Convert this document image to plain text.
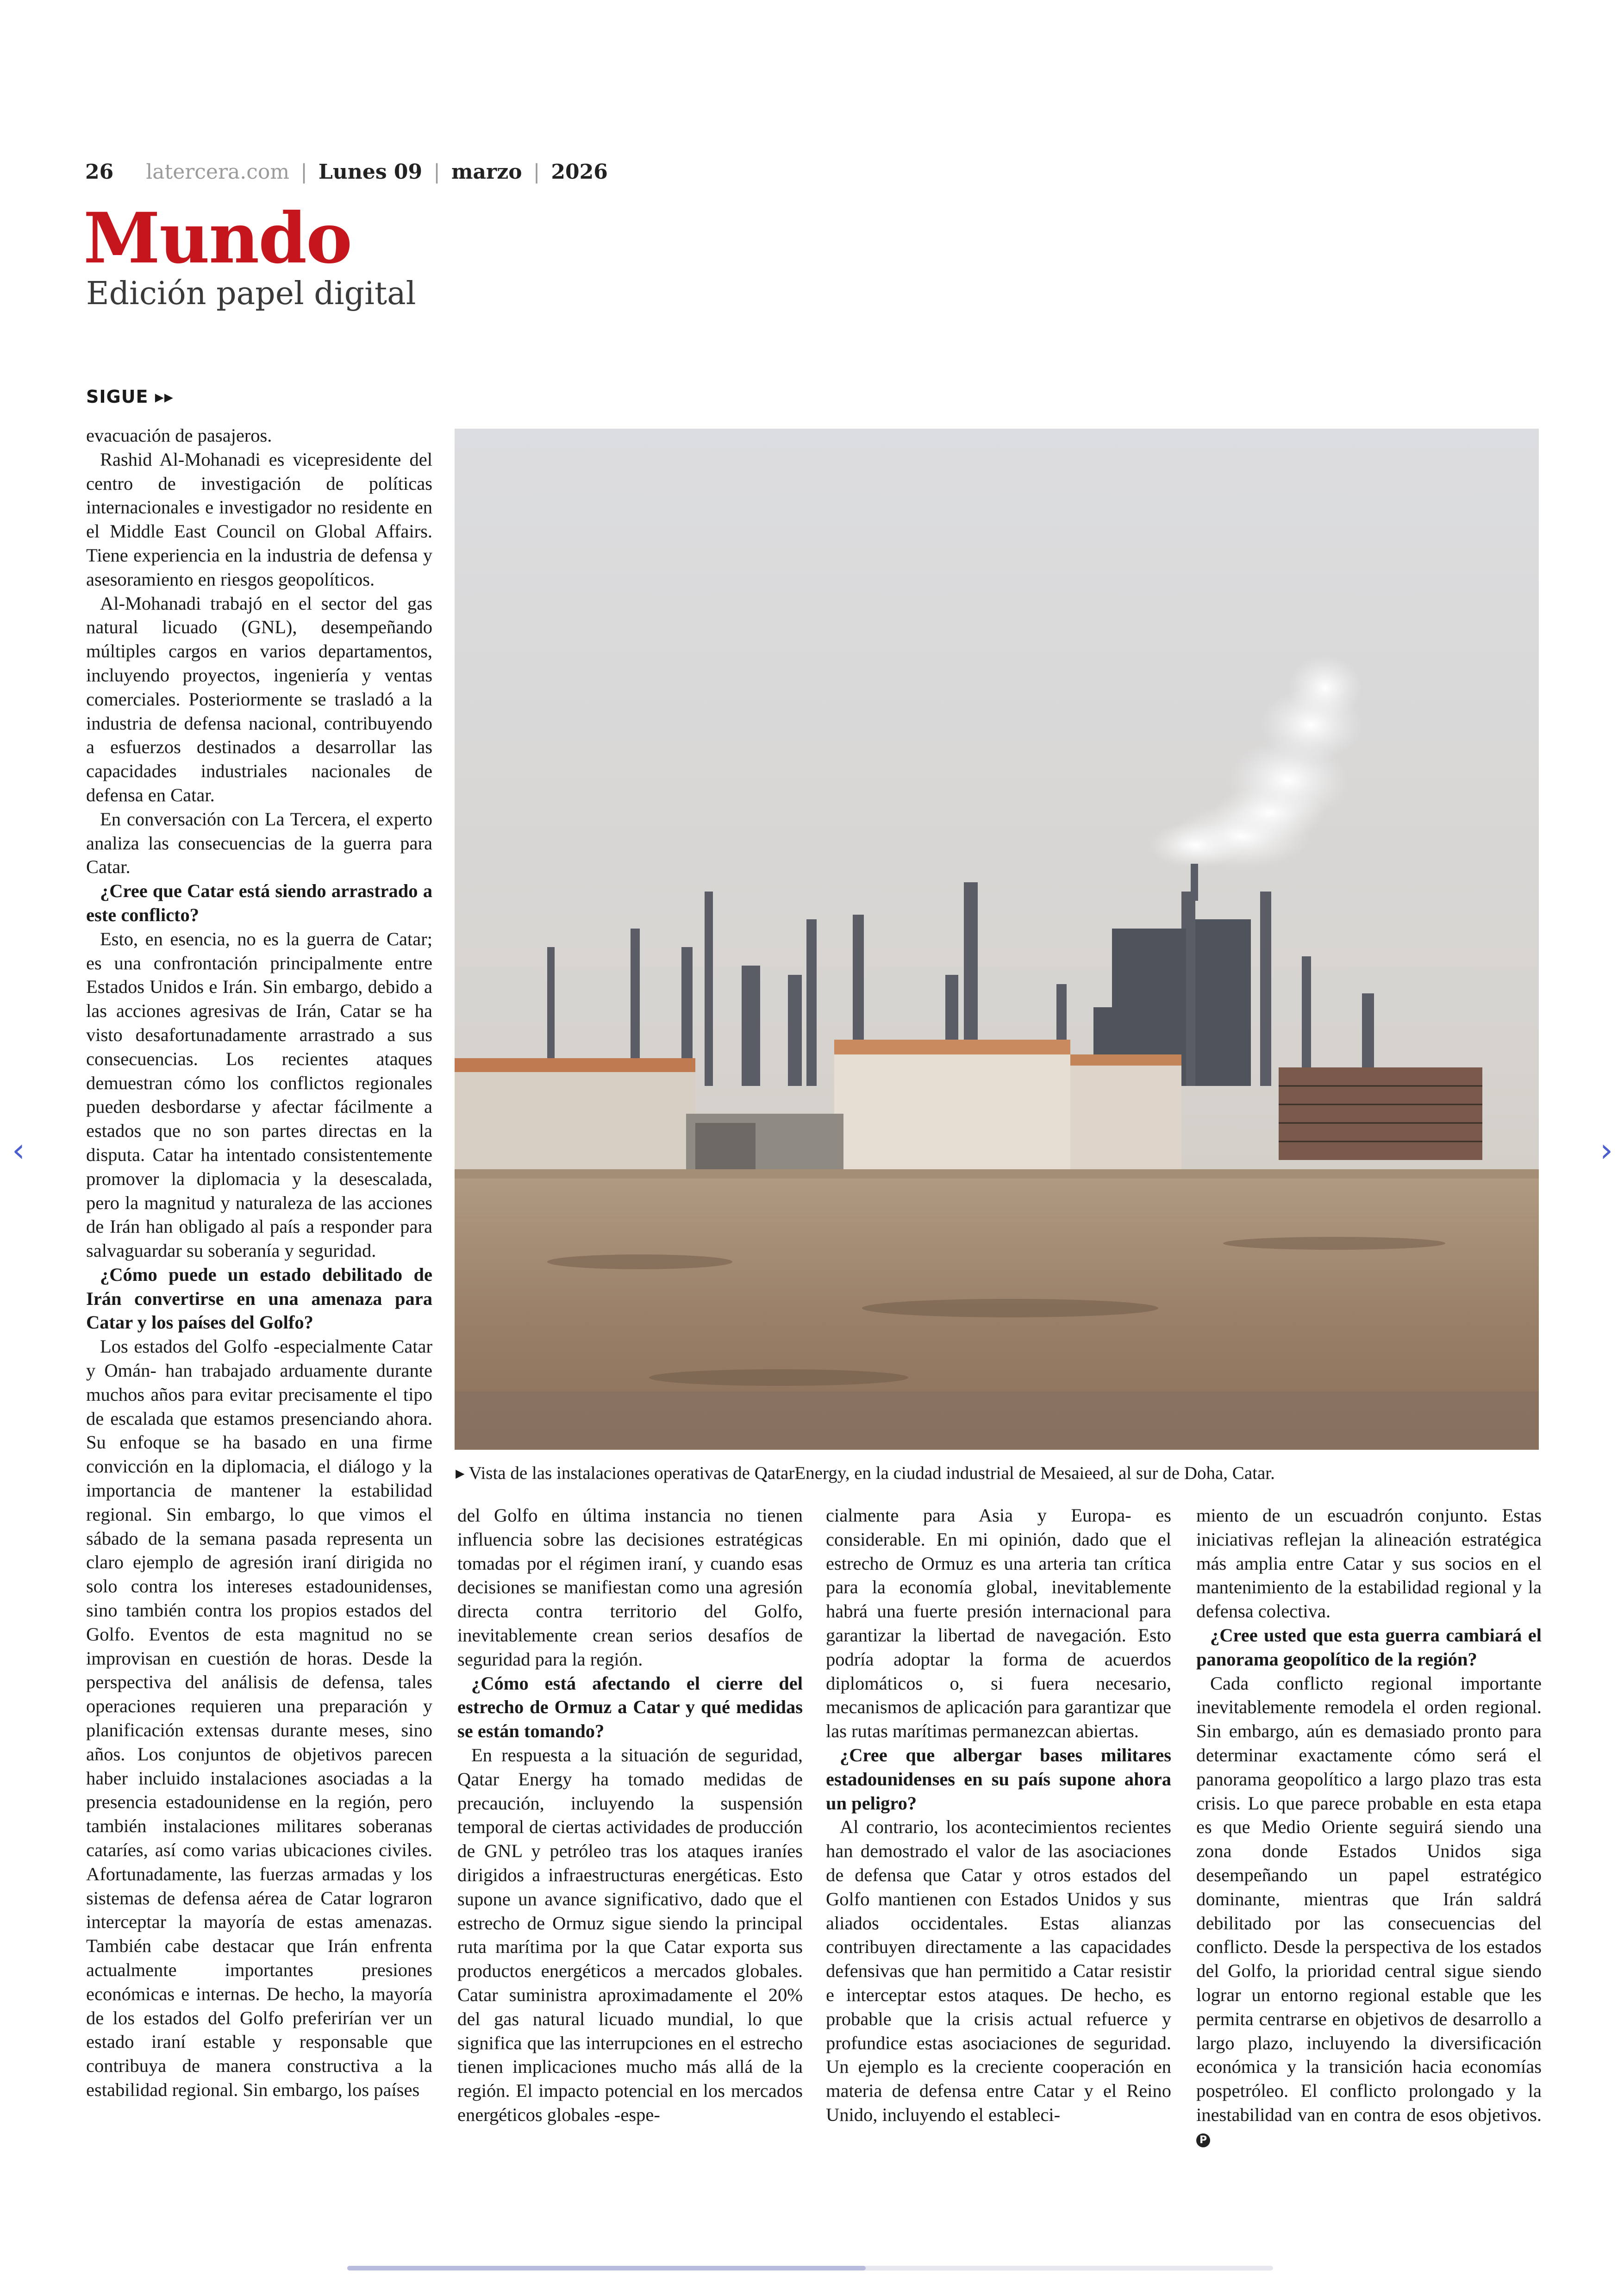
26 latercera.com | Lunes 09 | marzo | 2026
Mundo
Edición papel digital
SIGUE ▸▸

evacuación de pasajeros.

Rashid Al-Mohanadi es vicepresidente del centro de investigación de políticas internacionales e investigador no residente en el Middle East Council on Global Affairs. Tiene experiencia en la industria de defensa y asesoramiento en riesgos geopolíticos.

Al-Mohanadi trabajó en el sector del gas natural licuado (GNL), desempeñando múltiples cargos en varios departamentos, incluyendo proyectos, ingeniería y ventas comerciales. Posteriormente se trasladó a la industria de defensa nacional, contribuyendo a esfuerzos destinados a desarrollar las capacidades industriales nacionales de defensa en Catar.

En conversación con La Tercera, el experto analiza las consecuencias de la guerra para Catar.

¿Cree que Catar está siendo arrastrado a este conflicto?

Esto, en esencia, no es la guerra de Catar; es una confrontación principalmente entre Estados Unidos e Irán. Sin embargo, debido a las acciones agresivas de Irán, Catar se ha visto desafortunadamente arrastrado a sus consecuencias. Los recientes ataques demuestran cómo los conflictos regionales pueden desbordarse y afectar fácilmente a estados que no son partes directas en la disputa. Catar ha intentado consistentemente promover la diplomacia y la desescalada, pero la magnitud y naturaleza de las acciones de Irán han obligado al país a responder para salvaguardar su soberanía y seguridad.

¿Cómo puede un estado debilitado de Irán convertirse en una amenaza para Catar y los países del Golfo?

Los estados del Golfo -especialmente Catar y Omán- han trabajado arduamente durante muchos años para evitar precisamente el tipo de escalada que estamos presenciando ahora. Su enfoque se ha basado en una firme convicción en la diplomacia, el diálogo y la importancia de mantener la estabilidad regional. Sin embargo, lo que vimos el sábado de la semana pasada representa un claro ejemplo de agresión iraní dirigida no solo contra los intereses estadounidenses, sino también contra los propios estados del Golfo. Eventos de esta magnitud no se improvisan en cuestión de horas. Desde la perspectiva del análisis de defensa, tales operaciones requieren una preparación y planificación extensas durante meses, sino años. Los conjuntos de objetivos parecen haber incluido instalaciones asociadas a la presencia estadounidense en la región, pero también instalaciones militares soberanas cataríes, así como varias ubicaciones civiles. Afortunadamente, las fuerzas armadas y los sistemas de defensa aérea de Catar lograron interceptar la mayoría de estas amenazas. También cabe destacar que Irán enfrenta actualmente importantes presiones económicas e internas. De hecho, la mayoría de los estados del Golfo preferirían ver un estado iraní estable y responsable que contribuya de manera constructiva a la estabilidad regional. Sin embargo, los países

del Golfo en última instancia no tienen influencia sobre las decisiones estratégicas tomadas por el régimen iraní, y cuando esas decisiones se manifiestan como una agresión directa contra territorio del Golfo, inevitablemente crean serios desafíos de seguridad para la región.

¿Cómo está afectando el cierre del estrecho de Ormuz a Catar y qué medidas se están tomando?

En respuesta a la situación de seguridad, Qatar Energy ha tomado medidas de precaución, incluyendo la suspensión temporal de ciertas actividades de producción de GNL y petróleo tras los ataques iraníes dirigidos a infraestructuras energéticas. Esto supone un avance significativo, dado que el estrecho de Ormuz sigue siendo la principal ruta marítima por la que Catar exporta sus productos energéticos a mercados globales. Catar suministra aproximadamente el 20% del gas natural licuado mundial, lo que significa que las interrupciones en el estrecho tienen implicaciones mucho más allá de la región. El impacto potencial en los mercados energéticos globales -espe-

cialmente para Asia y Europa- es considerable. En mi opinión, dado que el estrecho de Ormuz es una arteria tan crítica para la economía global, inevitablemente habrá una fuerte presión internacional para garantizar la libertad de navegación. Esto podría adoptar la forma de acuerdos diplomáticos o, si fuera necesario, mecanismos de aplicación para garantizar que las rutas marítimas permanezcan abiertas.

¿Cree que albergar bases militares estadounidenses en su país supone ahora un peligro?

Al contrario, los acontecimientos recientes han demostrado el valor de las asociaciones de defensa que Catar y otros estados del Golfo mantienen con Estados Unidos y sus aliados occidentales. Estas alianzas contribuyen directamente a las capacidades defensivas que han permitido a Catar resistir e interceptar estos ataques. De hecho, es probable que la crisis actual refuerce y profundice estas asociaciones de seguridad. Un ejemplo es la creciente cooperación en materia de defensa entre Catar y el Reino Unido, incluyendo el estableci-

miento de un escuadrón conjunto. Estas iniciativas reflejan la alineación estratégica más amplia entre Catar y sus socios en el mantenimiento de la estabilidad regional y la defensa colectiva.

¿Cree usted que esta guerra cambiará el panorama geopolítico de la región?

Cada conflicto regional importante inevitablemente remodela el orden regional. Sin embargo, aún es demasiado pronto para determinar exactamente cómo será el panorama geopolítico a largo plazo tras esta crisis. Lo que parece probable en esta etapa es que Medio Oriente seguirá siendo una zona donde Estados Unidos siga desempeñando un papel estratégico dominante, mientras que Irán saldrá debilitado por las consecuencias del conflicto. Desde la perspectiva de los estados del Golfo, la prioridad central sigue siendo lograr un entorno regional estable que les permita centrarse en objetivos de desarrollo a largo plazo, incluyendo la diversificación económica y la transición hacia economías pospetróleo. El conflicto prolongado y la inestabilidad van en contra de esos objetivos.P

▸ Vista de las instalaciones operativas de QatarEnergy, en la ciudad industrial de Mesaieed, al sur de Doha, Catar.
‹	›
